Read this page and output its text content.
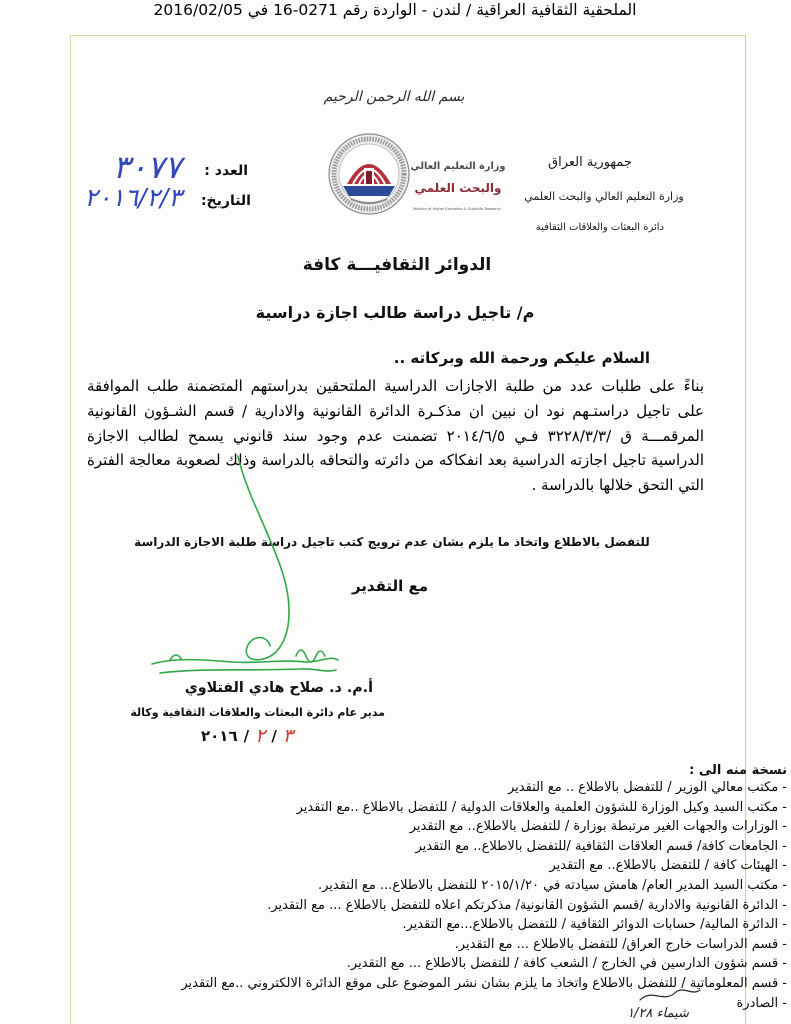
الملحقية الثقافية العراقية / لندن - الواردة رقم 0271-16 في 2016/02/05
بسم الله الرحمن الرحيم
وزارة التعليم العالي
والبحث العلمي
Ministry of Higher Education & Scientific Research
جمهورية العراق
وزارة التعليم العالي والبحث العلمي
دائرة البعثات والعلاقات الثقافية
العدد :
التاريخ:
٣٠٧٧
٢٠١٦/٢/٣
الدوائر الثقافيـــة كافة
م/ تاجيل دراسة طالب اجازة دراسية
السلام عليكم ورحمة الله وبركاته ..
بناءً على طلبات عدد من طلبة الاجازات الدراسية الملتحقين بدراستهم المتضمنة طلب الموافقة
على تاجيل دراستـهم نود ان نبين ان مذكـرة الدائرة القانونية والادارية / قسم الشـؤون القانونية
المرقمـــة ق /٣٢٢٨/٣/٣ فـي ٢٠١٤/٦/٥ تضمنت عدم وجود سند قانوني يسمح لطالب الاجازة
الدراسية تاجيل اجازته الدراسية بعد انفكاكه من دائرته والتحاقه بالدراسة وذلك لصعوبة معالجة الفترة
التي التحق خلالها بالدراسة .
للتفضل بالاطلاع واتخاذ ما يلزم بشان عدم ترويج كتب تاجيل دراسة طلبة الاجازة الدراسة
مع التقدير
أ.م. د. صلاح هادي الفتلاوي
مدير عام دائرة البعثات والعلاقات الثقافية وكالة
٢٠١٦ / ٢ / ٣
نسخة منه الى :
- مكتب معالي الوزير / للتفضل بالاطلاع .. مع التقدير
- مكتب السيد وكيل الوزارة للشؤون العلمية والعلاقات الدولية / للتفضل بالاطلاع ..مع التقدير
- الوزارات والجهات الغير مرتبطة بوزارة / للتفضل بالاطلاع.. مع التقدير
- الجامعات كافة/ قسم العلاقات الثقافية /للتفضل بالاطلاع.. مع التقدير
- الهيئات كافة / للتفضل بالاطلاع.. مع التقدير
- مكتب السيد المدير العام/ هامش سيادته في ٢٠١٥/١/٢٠ للتفضل بالاطلاع... مع التقدير.
- الدائرة القانونية والادارية /قسم الشؤون القانونية/ مذكرتكم اعلاه للتفضل بالاطلاع ... مع التقدير.
- الدائرة المالية/ حسابات الدوائر الثقافية / للتفضل بالاطلاع...مع التقدير.
- قسم الدراسات خارج العراق/ للتفضل بالاطلاع ... مع التقدير.
- قسم شؤون الدارسين في الخارج / الشعب كافة / للتفضل بالاطلاع ... مع التقدير.
- قسم المعلوماتية / للتفضل بالاطلاع واتخاذ ما يلزم بشان نشر الموضوع على موقع الدائرة الالكتروني ..مع التقدير
- الصادرة
شيماء ١/٢٨
